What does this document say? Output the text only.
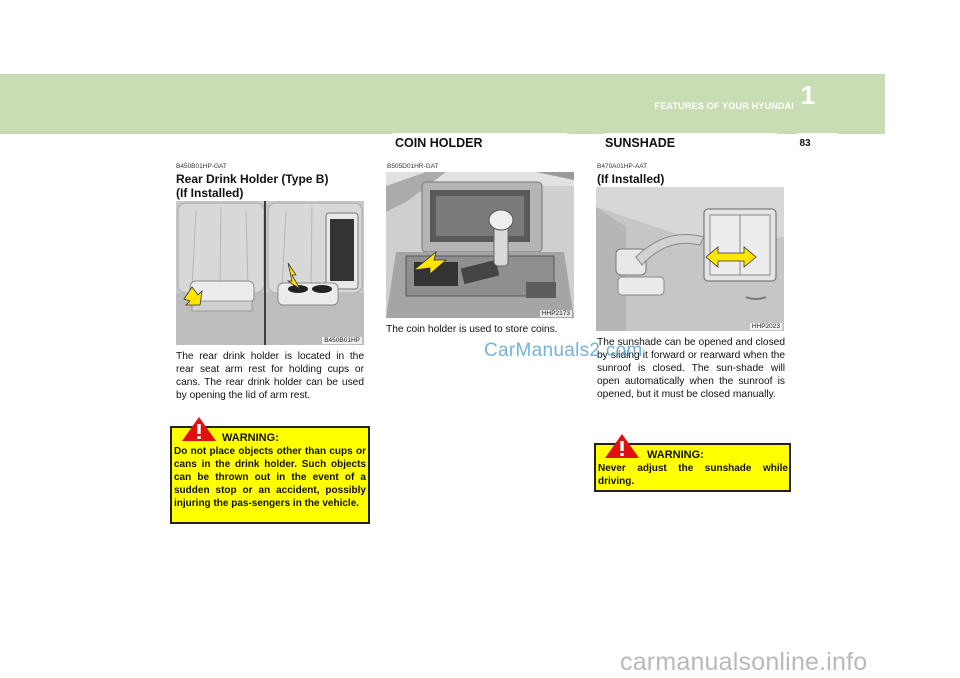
FEATURES OF YOUR HYUNDAI 1
83
COIN HOLDER	SUNSHADE
B450B01HP-GAT
Rear Drink Holder (Type B)
(If Installed)
B450B01HP
The rear drink holder is located in the rear seat arm rest for holding cups or cans. The rear drink holder can be used by opening the lid of arm rest.
WARNING:
Do not place objects other than cups or cans in the drink holder. Such objects can be thrown out in the event of a sudden stop or an accident, possibly injuring the pas-sengers in the vehicle.
B505D01HR-GAT
HHP2173
The coin holder is used to store coins.
B470A01HP-AAT
(If Installed)
HHP2023
The sunshade can be opened and closed by sliding it forward or rearward when the sunroof is closed. The sun-shade will open automatically when the sunroof is opened, but it must be closed manually.
WARNING:
Never adjust the sunshade while driving.
CarManuals2.com
carmanualsonline.info
